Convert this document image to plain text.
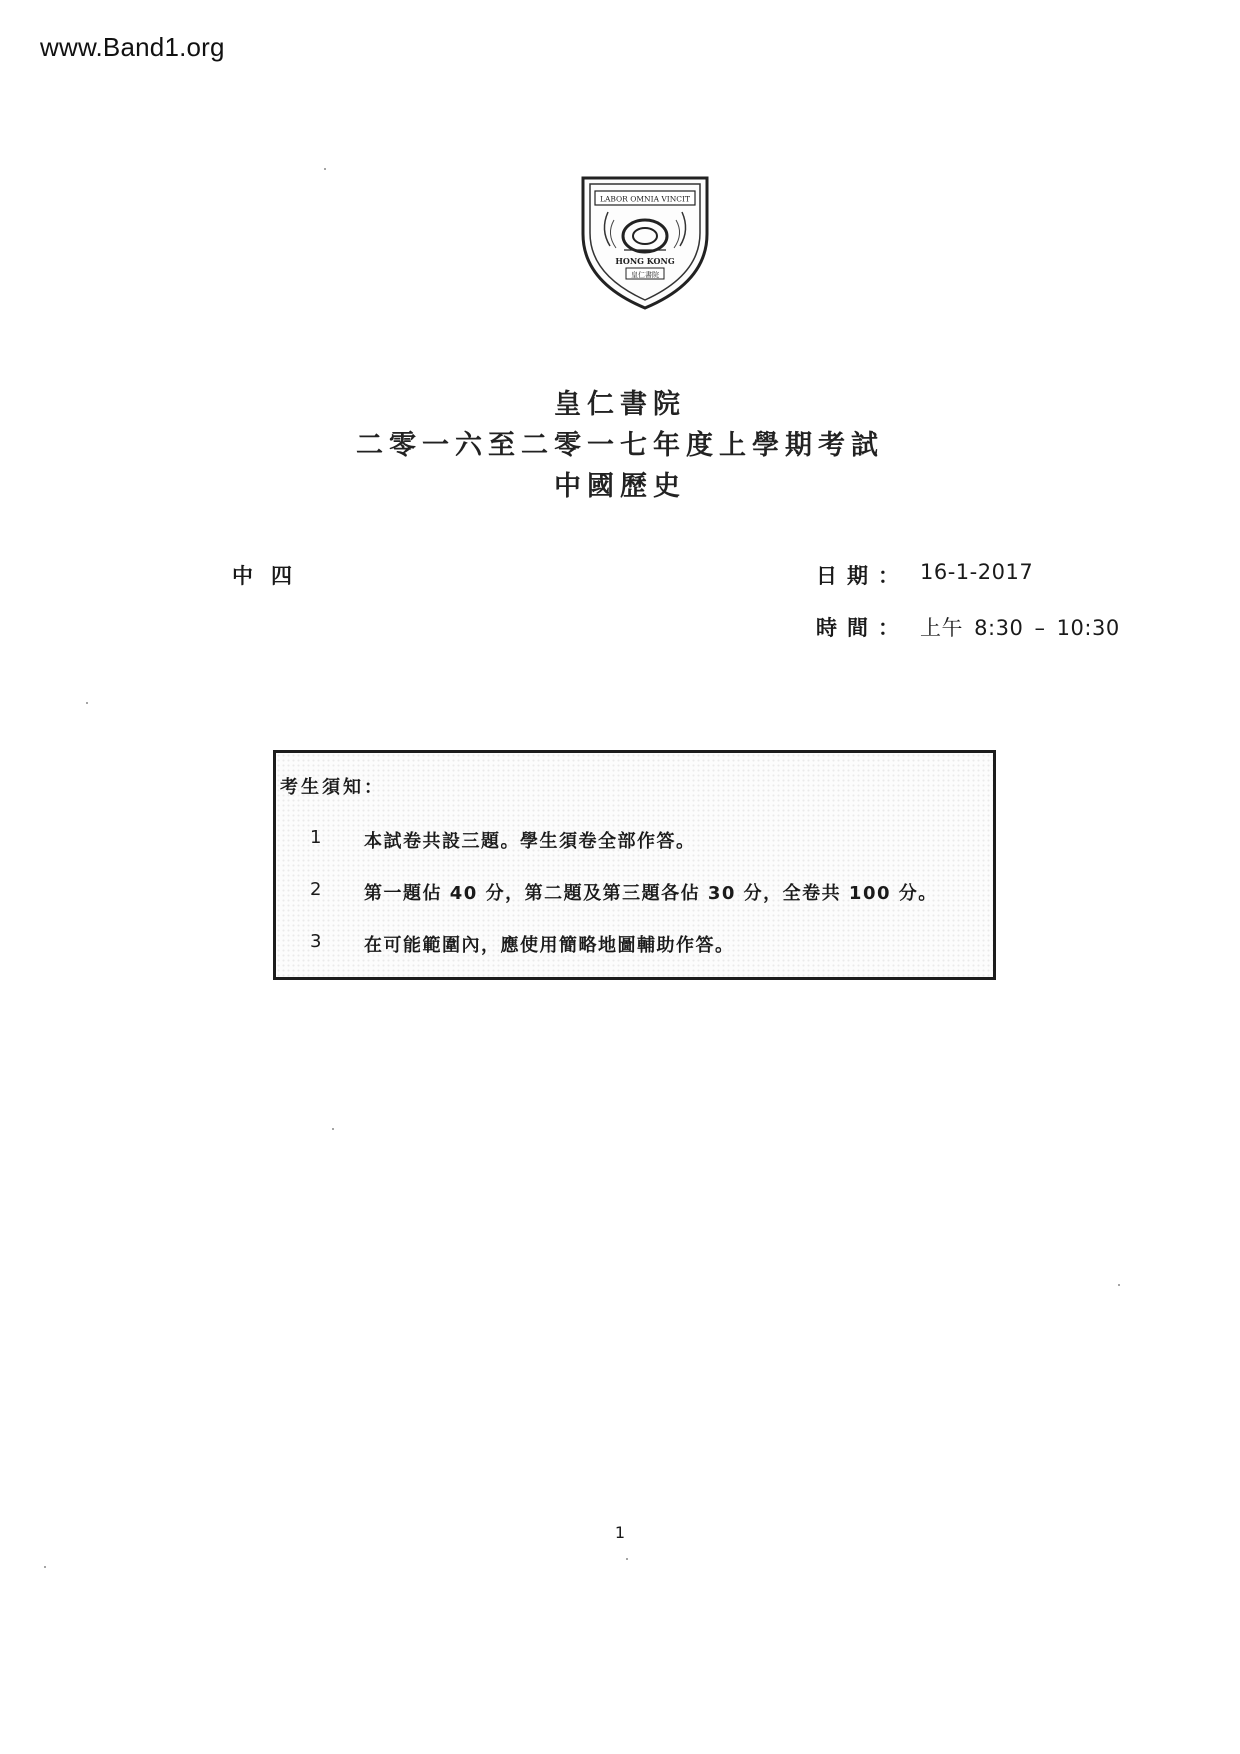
www.Band1.org
LABOR OMNIA VINCIT
HONG KONG
皇仁書院
皇仁書院
二零一六至二零一七年度上學期考試
中國歷史
中四	日期： 16-1-2017
時間： 上午 8:30 – 10:30
考生須知：
1	本試卷共設三題。學生須卷全部作答。
2	第一題佔 40 分，第二題及第三題各佔 30 分，全卷共 100 分。
3	在可能範圍內，應使用簡略地圖輔助作答。
1
